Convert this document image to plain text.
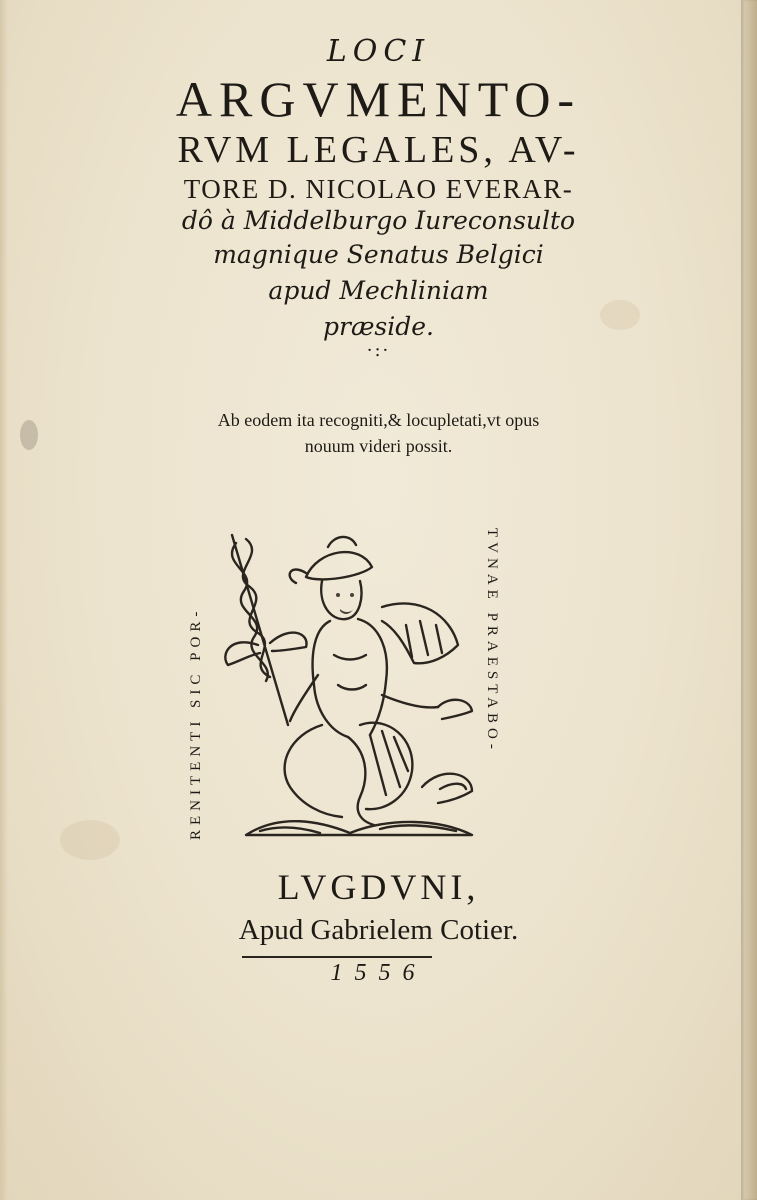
LOCI
ARGVMENTO-
RVM LEGALES, AV-
TORE D. NICOLAO EVERAR-
dô à Middelburgo Iureconsulto
magnique Senatus Belgici
apud Mechliniam
præside.
·:·
Ab eodem ita recogniti,& locupletati,vt opus
nouum videri possit.
RENITENTI SIC POR-	TVNAE PRAESTABO-
LVGDVNI,
Apud Gabrielem Cotier.
1556
